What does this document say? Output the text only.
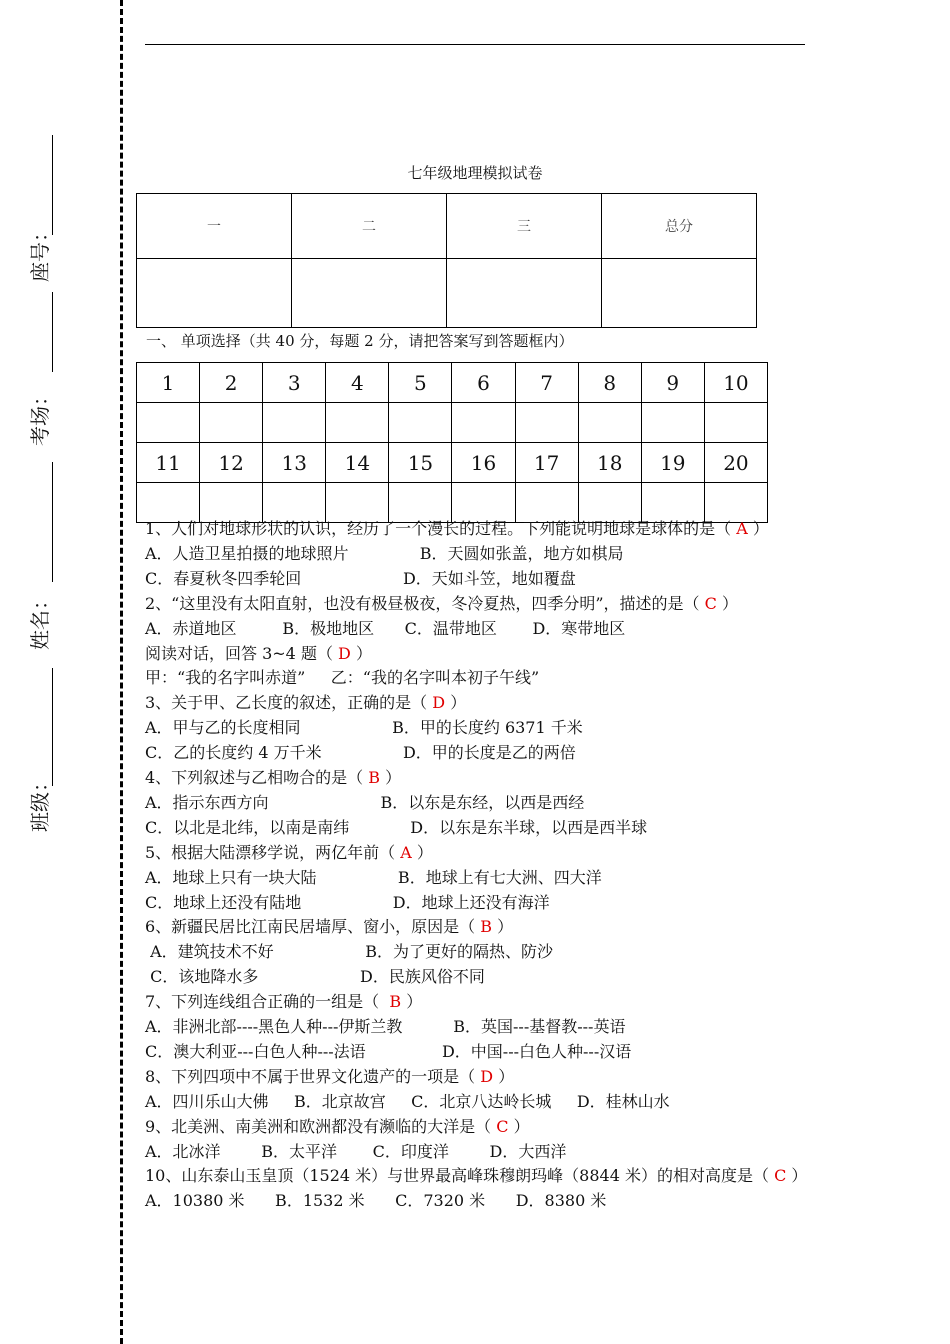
班级：
姓名：
考场：
座号：
七年级地理模拟试卷
一	二	三	总分

一、 单项选择（共 40 分，每题 2 分，请把答案写到答题框内）
1	2	3	4	5	6	7	8	9	10

11	12	13	14	15	16	17	18	19	20

1、人们对地球形状的认识，经历了一个漫长的过程。下列能说明地球是球体的是（ A ）
A．人造卫星拍摄的地球照片              B．天圆如张盖，地方如棋局
C．春夏秋冬四季轮回                    D．天如斗笠，地如覆盘
2、“这里没有太阳直射，也没有极昼极夜，冬冷夏热，四季分明”，描述的是（ C ）
A．赤道地区         B．极地地区      C．温带地区       D．寒带地区
阅读对话，回答 3~4 题（ D ）
甲：“我的名字叫赤道”     乙：“我的名字叫本初子午线”
3、关于甲、乙长度的叙述，正确的是（ D ）
A．甲与乙的长度相同                  B．甲的长度约 6371 千米
C．乙的长度约 4 万千米                D．甲的长度是乙的两倍
4、下列叙述与乙相吻合的是（ B ）
A．指示东西方向                      B．以东是东经，以西是西经
C．以北是北纬，以南是南纬            D．以东是东半球，以西是西半球
5、根据大陆漂移学说，两亿年前（ A ）
A．地球上只有一块大陆                B．地球上有七大洲、四大洋
C．地球上还没有陆地                  D．地球上还没有海洋
6、新疆民居比江南民居墙厚、窗小，原因是（ B ）
A．建筑技术不好                  B．为了更好的隔热、防沙
C．该地降水多                    D．民族风俗不同
7、下列连线组合正确的一组是（  B ）
A．非洲北部----黑色人种---伊斯兰教          B．英国---基督教---英语
C．澳大利亚---白色人种---法语               D．中国---白色人种---汉语
8、下列四项中不属于世界文化遗产的一项是（ D ）
A．四川乐山大佛     B．北京故宫     C．北京八达岭长城     D．桂林山水
9、北美洲、南美洲和欧洲都没有濒临的大洋是（ C ）
A．北冰洋        B．太平洋       C．印度洋        D．大西洋
10、山东泰山玉皇顶（1524 米）与世界最高峰珠穆朗玛峰（8844 米）的相对高度是（ C ）
A．10380 米      B．1532 米      C．7320 米      D．8380 米
